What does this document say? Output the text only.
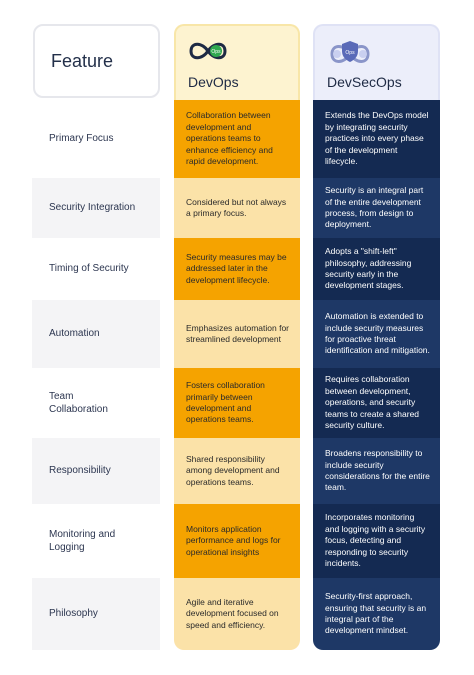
Feature	Ops
DevOps
Ops
DevSecOps
Primary Focus
Collaboration between development and operations teams to enhance efficiency and rapid development.
Extends the DevOps model by integrating security practices into every phase of the development lifecycle.
Security Integration
Considered but not always a primary focus.
Security is an integral part of the entire development process, from design to deployment.
Timing of Security
Security measures may be addressed later in the development lifecycle.
Adopts a "shift-left" philosophy, addressing security early in the development stages.
Automation
Emphasizes automation for streamlined development
Automation is extended to include security measures for proactive threat identification and mitigation.
Team Collaboration
Fosters collaboration primarily between development and operations teams.
Requires collaboration between development, operations, and security teams to create a shared security culture.
Responsibility
Shared responsibility among development and operations teams.
Broadens responsibility to include security considerations for the entire team.
Monitoring and Logging
Monitors application performance and logs for operational insights
Incorporates monitoring and logging with a security focus, detecting and responding to security incidents.
Philosophy
Agile and iterative development focused on speed and efficiency.
Security-first approach, ensuring that security is an integral part of the development mindset.
